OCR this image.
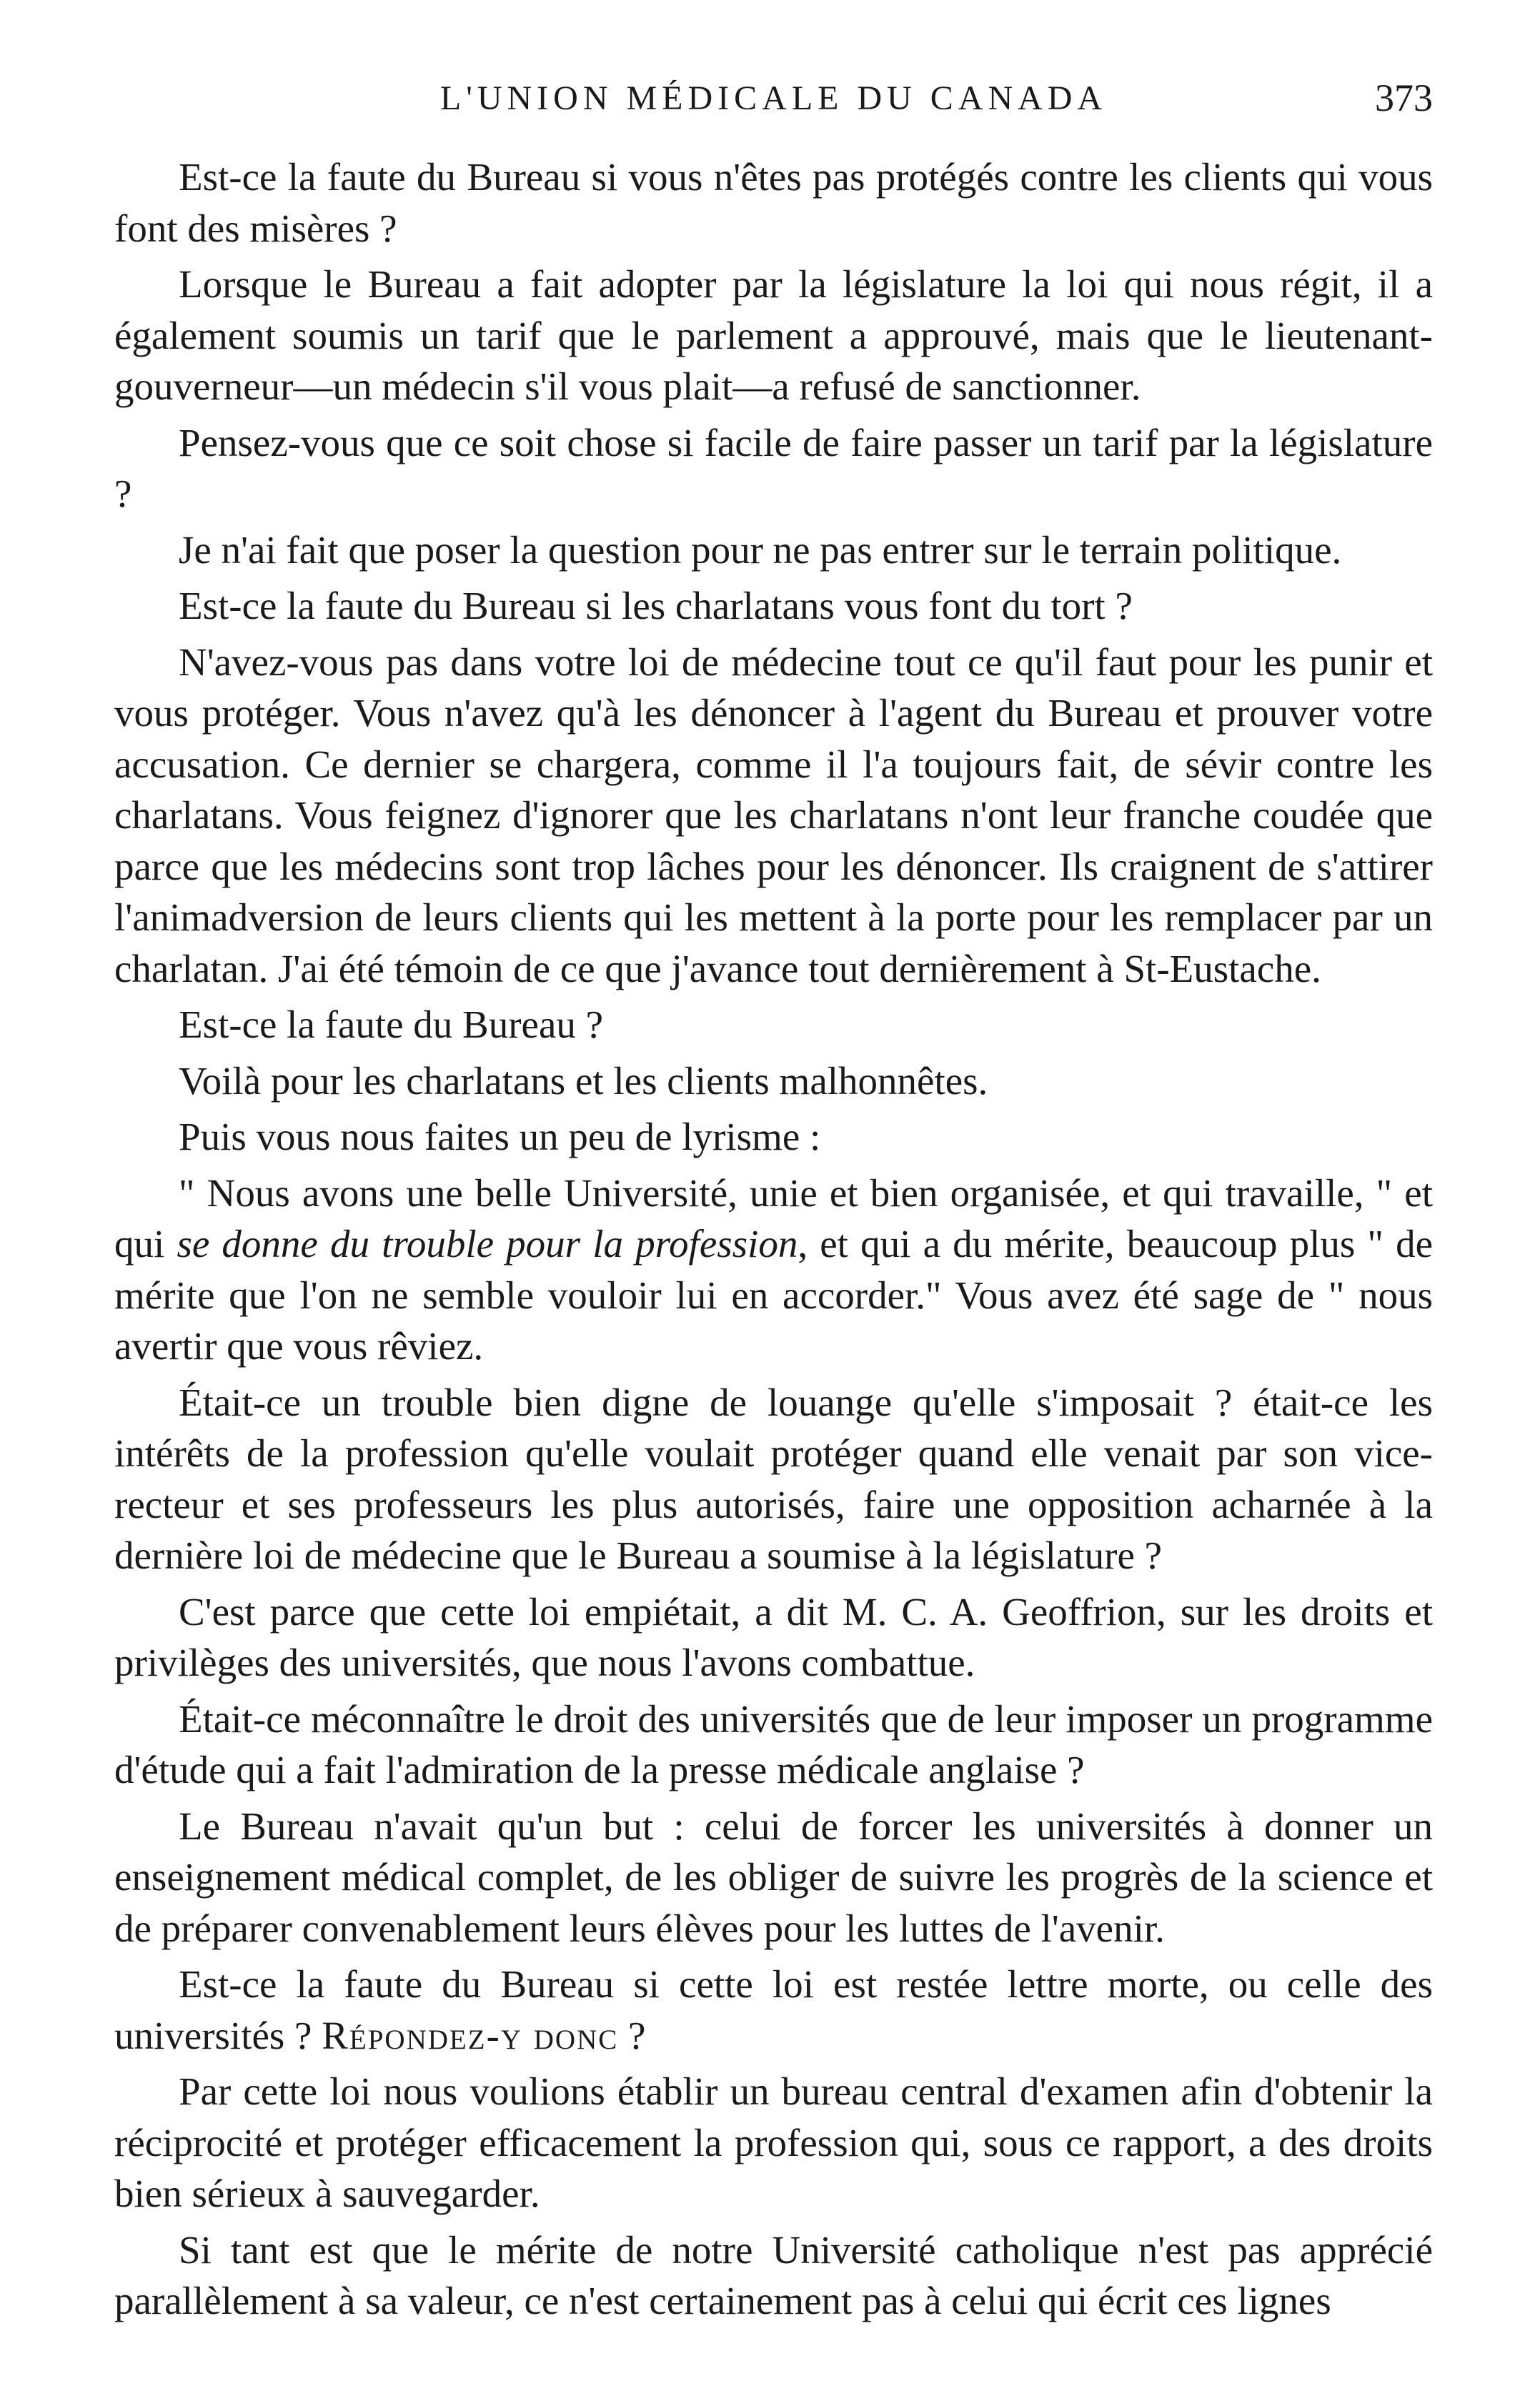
L'UNION MÉDICALE DU CANADA	373

Est-ce la faute du Bureau si vous n'êtes pas protégés contre les clients qui vous font des misères ?

Lorsque le Bureau a fait adopter par la législature la loi qui nous régit, il a également soumis un tarif que le parlement a approuvé, mais que le lieutenant-gouverneur—un médecin s'il vous plait—a refusé de sanctionner.

Pensez-vous que ce soit chose si facile de faire passer un tarif par la législature ?

Je n'ai fait que poser la question pour ne pas entrer sur le terrain politique.

Est-ce la faute du Bureau si les charlatans vous font du tort ?

N'avez-vous pas dans votre loi de médecine tout ce qu'il faut pour les punir et vous protéger. Vous n'avez qu'à les dénoncer à l'agent du Bureau et prouver votre accusation. Ce dernier se chargera, comme il l'a toujours fait, de sévir contre les charlatans. Vous feignez d'ignorer que les charlatans n'ont leur franche coudée que parce que les médecins sont trop lâches pour les dénoncer. Ils craignent de s'attirer l'animadversion de leurs clients qui les mettent à la porte pour les remplacer par un charlatan. J'ai été témoin de ce que j'avance tout dernièrement à St-Eustache.

Est-ce la faute du Bureau ?

Voilà pour les charlatans et les clients malhonnêtes.

Puis vous nous faites un peu de lyrisme :

" Nous avons une belle Université, unie et bien organisée, et qui travaille, " et qui se donne du trouble pour la profession, et qui a du mérite, beaucoup plus " de mérite que l'on ne semble vouloir lui en accorder." Vous avez été sage de " nous avertir que vous rêviez.

Était-ce un trouble bien digne de louange qu'elle s'imposait ? était-ce les intérêts de la profession qu'elle voulait protéger quand elle venait par son vice-recteur et ses professeurs les plus autorisés, faire une opposition acharnée à la dernière loi de médecine que le Bureau a soumise à la législature ?

C'est parce que cette loi empiétait, a dit M. C. A. Geoffrion, sur les droits et privilèges des universités, que nous l'avons combattue.

Était-ce méconnaître le droit des universités que de leur imposer un programme d'étude qui a fait l'admiration de la presse médicale anglaise ?

Le Bureau n'avait qu'un but : celui de forcer les universités à donner un enseignement médical complet, de les obliger de suivre les progrès de la science et de préparer convenablement leurs élèves pour les luttes de l'avenir.

Est-ce la faute du Bureau si cette loi est restée lettre morte, ou celle des universités ? Répondez-y donc ?

Par cette loi nous voulions établir un bureau central d'examen afin d'obtenir la réciprocité et protéger efficacement la profession qui, sous ce rapport, a des droits bien sérieux à sauvegarder.

Si tant est que le mérite de notre Université catholique n'est pas apprécié parallèlement à sa valeur, ce n'est certainement pas à celui qui écrit ces lignes
